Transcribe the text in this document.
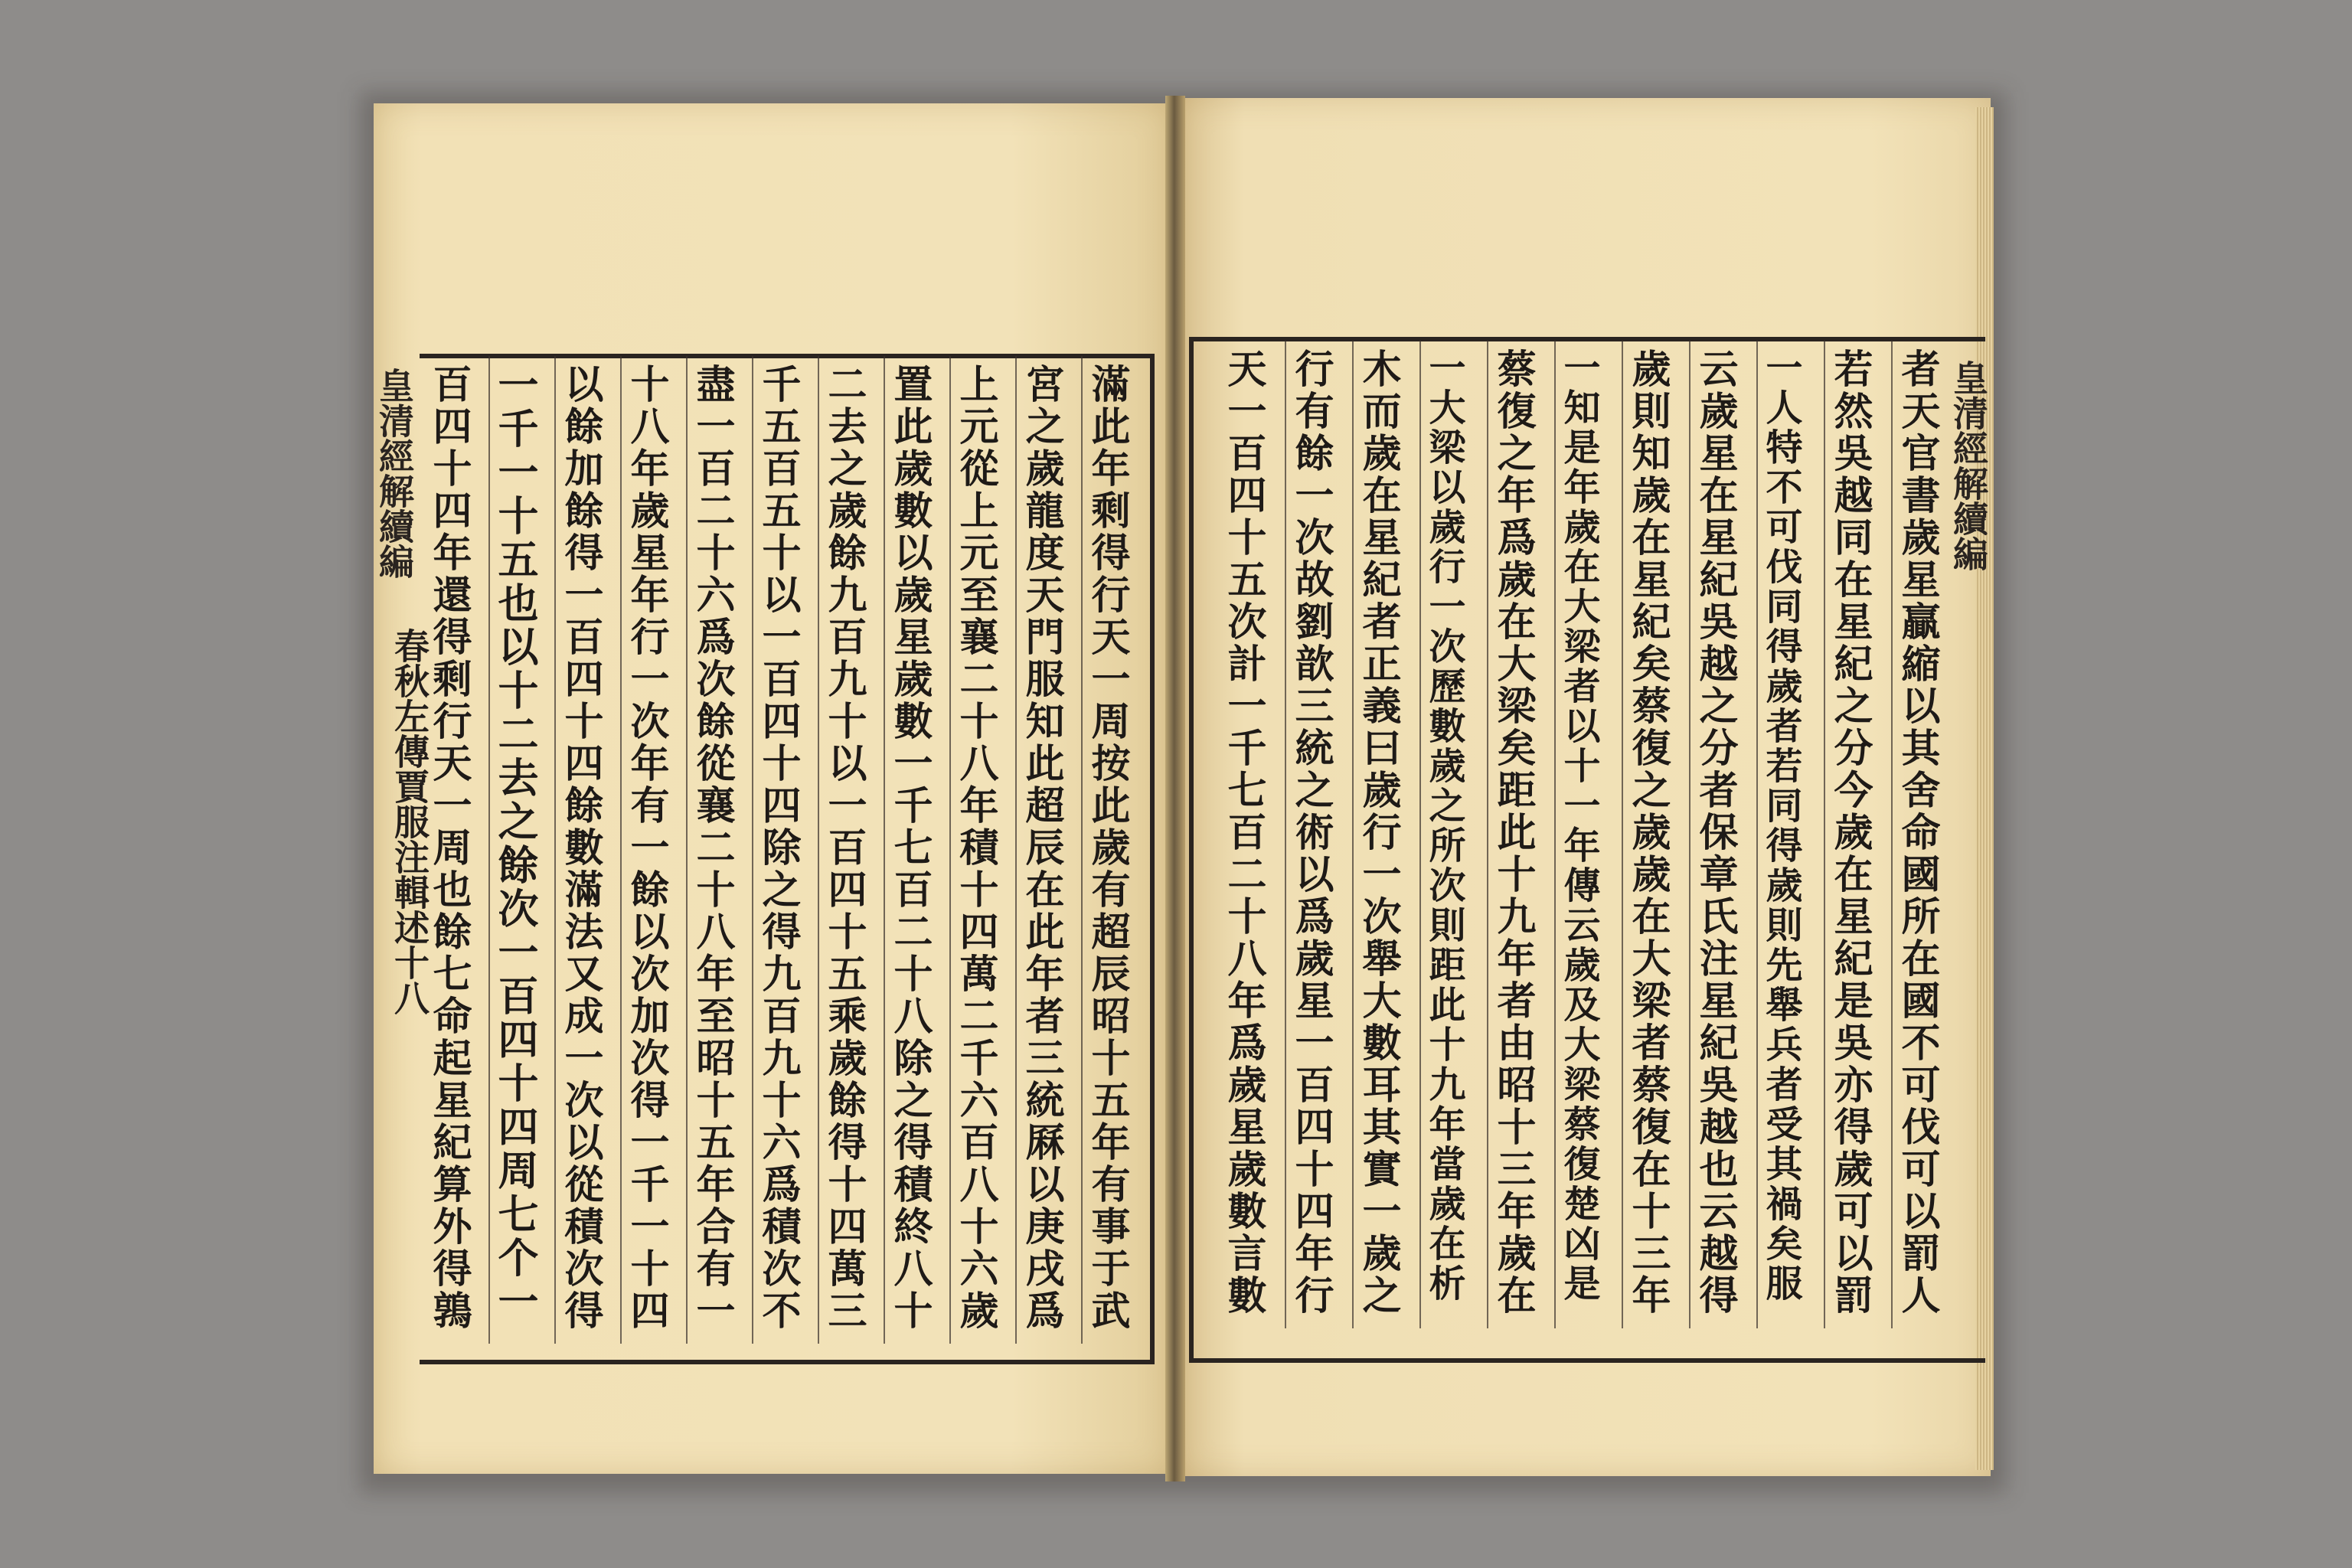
皇清經解續編
春秋左傳賈服注輯述十八	滿此年剩得行天一周按此歲有超辰昭十五年有事于武
宮之歲龍度天門服知此超辰在此年者三統厤以庚戌爲
上元從上元至襄二十八年積十四萬二千六百八十六歲
置此歲數以歲星歲數一千七百二十八除之得積終八十
二去之歲餘九百九十以一百四十五乘歲餘得十四萬三
千五百五十以一百四十四除之得九百九十六爲積次不
盡一百二十六爲次餘從襄二十八年至昭十五年合有一
十八年歲星年行一次年有一餘以次加次得一千一十四
以餘加餘得一百四十四餘數滿法又成一次以從積次得
一千一十五也以十二去之餘次一百四十四周七个一
百四十四年還得剩行天一周也餘七命起星紀算外得鶉	皇清經解續編
者天官書歲星贏縮以其舍命國所在國不可伐可以罰人
若然吳越同在星紀之分今歲在星紀是吳亦得歲可以罰
一人特不可伐同得歲者若同得歲則先舉兵者受其禍矣服
云歲星在星紀吳越之分者保章氏注星紀吳越也云越得
歲則知歲在星紀矣蔡復之歲歲在大梁者蔡復在十三年
一知是年歲在大梁者以十一年傳云歲及大梁蔡復楚凶是
蔡復之年爲歲在大梁矣距此十九年者由昭十三年歲在
一大梁以歲行一次歷數歲之所次則距此十九年當歲在析
木而歲在星紀者正義曰歲行一次舉大數耳其實一歲之
行有餘一次故劉歆三統之術以爲歲星一百四十四年行
天一百四十五次計一千七百二十八年爲歲星歲數言數
